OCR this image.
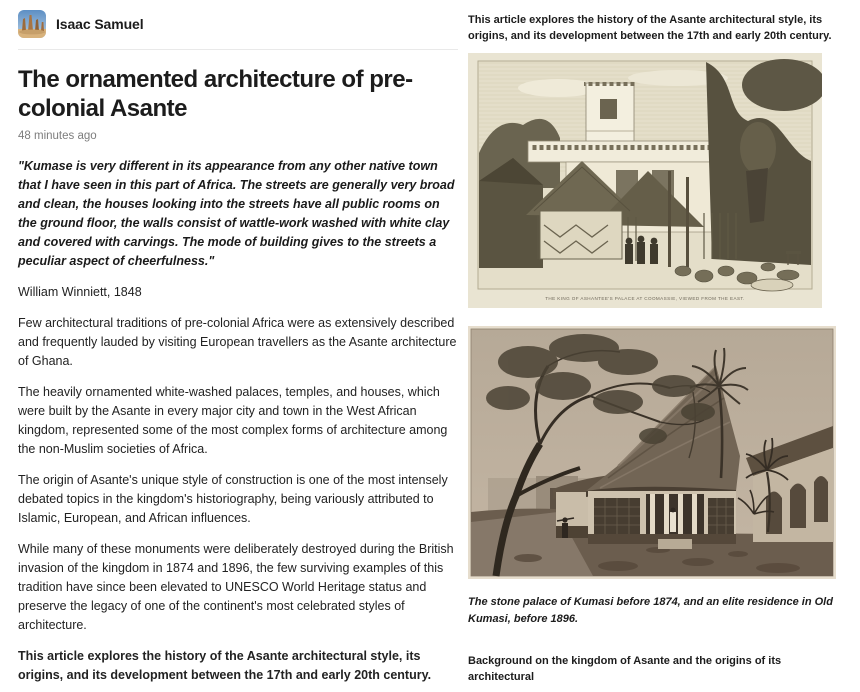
Isaac Samuel
The ornamented architecture of pre-colonial Asante
48 minutes ago

"Kumase is very different in its appearance from any other native town that I have seen in this part of Africa. The streets are generally very broad and clean, the houses looking into the streets have all public rooms on the ground floor, the walls consist of wattle-work washed with white clay and covered with carvings. The mode of building gives to the streets a peculiar aspect of cheerfulness."

William Winniett, 1848

Few architectural traditions of pre-colonial Africa were as extensively described and frequently lauded by visiting European travellers as the Asante architecture of Ghana.

The heavily ornamented white-washed palaces, temples, and houses, which were built by the Asante in every major city and town in the West African kingdom, represented some of the most complex forms of architecture among the non-Muslim societies of Africa.

The origin of Asante's unique style of construction is one of the most intensely debated topics in the kingdom's historiography, being variously attributed to Islamic, European, and African influences.

While many of these monuments were deliberately destroyed during the British invasion of the kingdom in 1874 and 1896, the few surviving examples of this tradition have since been elevated to UNESCO World Heritage status and preserve the legacy of one of the continent's most celebrated styles of architecture.

This article explores the history of the Asante architectural style, its origins, and its development between the 17th and early 20th century.

This article explores the history of the Asante architectural style, its origins, and its development between the 17th and early 20th century.

THE KING OF ASHANTEE'S PALACE AT COOMASSIE, VIEWED FROM THE EAST.

The stone palace of Kumasi before 1874, and an elite residence in Old Kumasi, before 1896.

Background on the kingdom of Asante and the origins of its architectural
